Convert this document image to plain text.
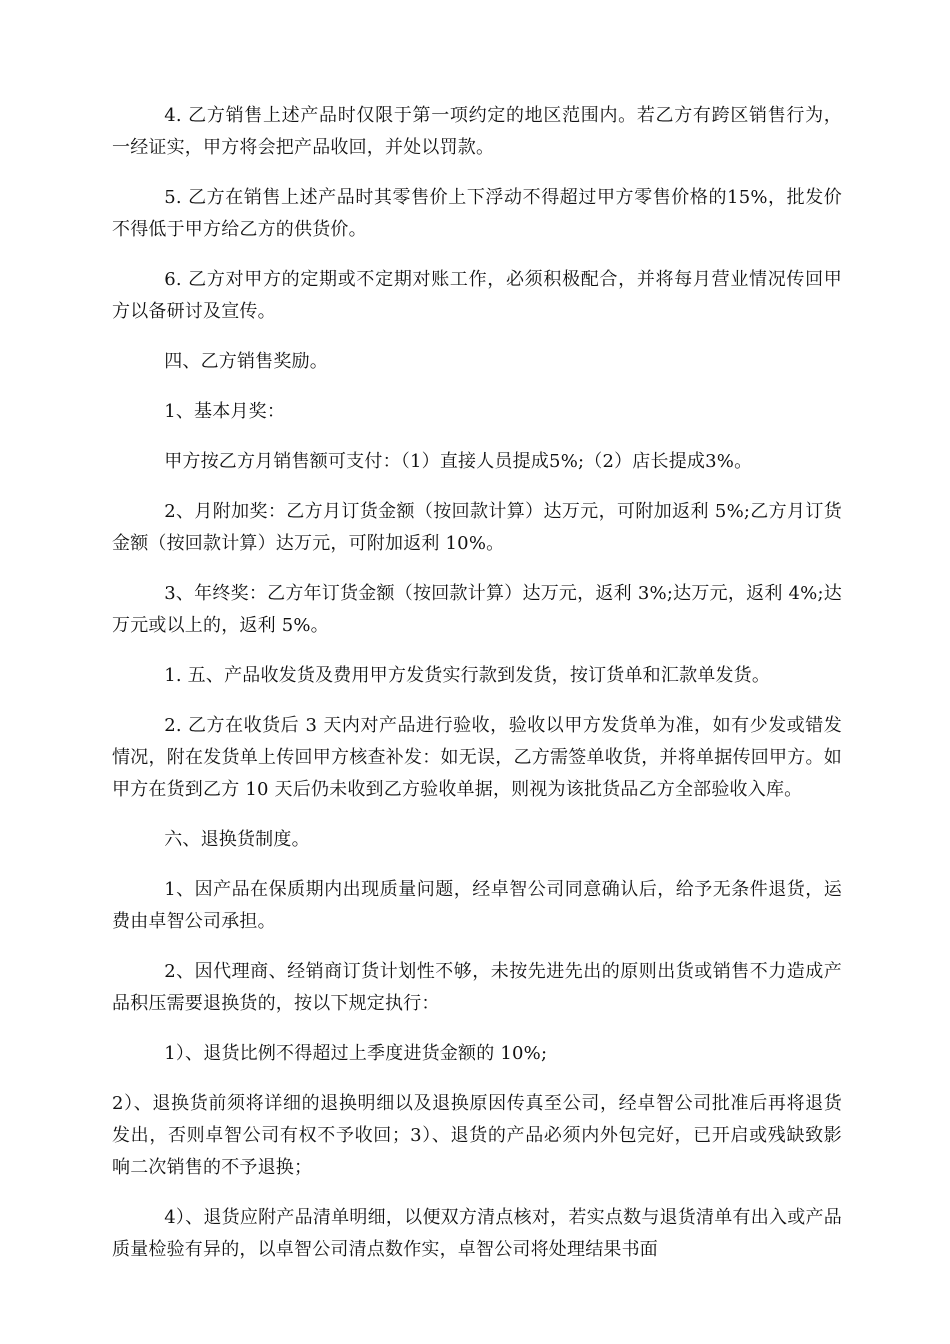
4. 乙方销售上述产品时仅限于第一项约定的地区范围内。若乙方有跨区销售行为，一经证实，甲方将会把产品收回，并处以罚款。

5. 乙方在销售上述产品时其零售价上下浮动不得超过甲方零售价格的15%，批发价不得低于甲方给乙方的供货价。

6. 乙方对甲方的定期或不定期对账工作，必须积极配合，并将每月营业情况传回甲方以备研讨及宣传。

四、乙方销售奖励。

1、基本月奖：

甲方按乙方月销售额可支付：（1）直接人员提成5%;（2）店长提成3%。

2、月附加奖：乙方月订货金额（按回款计算）达万元，可附加返利 5%;乙方月订货金额（按回款计算）达万元，可附加返利 10%。

3、年终奖：乙方年订货金额（按回款计算）达万元，返利 3%;达万元，返利 4%;达万元或以上的，返利 5%。

1. 五、产品收发货及费用甲方发货实行款到发货，按订货单和汇款单发货。

2. 乙方在收货后 3 天内对产品进行验收，验收以甲方发货单为准，如有少发或错发情况，附在发货单上传回甲方核查补发：如无误，乙方需签单收货，并将单据传回甲方。如甲方在货到乙方 10 天后仍未收到乙方验收单据，则视为该批货品乙方全部验收入库。

六、退换货制度。

1、因产品在保质期内出现质量问题，经卓智公司同意确认后，给予无条件退货，运费由卓智公司承担。

2、因代理商、经销商订货计划性不够，未按先进先出的原则出货或销售不力造成产品积压需要退换货的，按以下规定执行：

1）、退货比例不得超过上季度进货金额的 10%;

2）、退换货前须将详细的退换明细以及退换原因传真至公司，经卓智公司批准后再将退货发出，否则卓智公司有权不予收回；3）、退货的产品必须内外包完好，已开启或残缺致影响二次销售的不予退换；

4）、退货应附产品清单明细，以便双方清点核对，若实点数与退货清单有出入或产品质量检验有异的，以卓智公司清点数作实，卓智公司将处理结果书面
